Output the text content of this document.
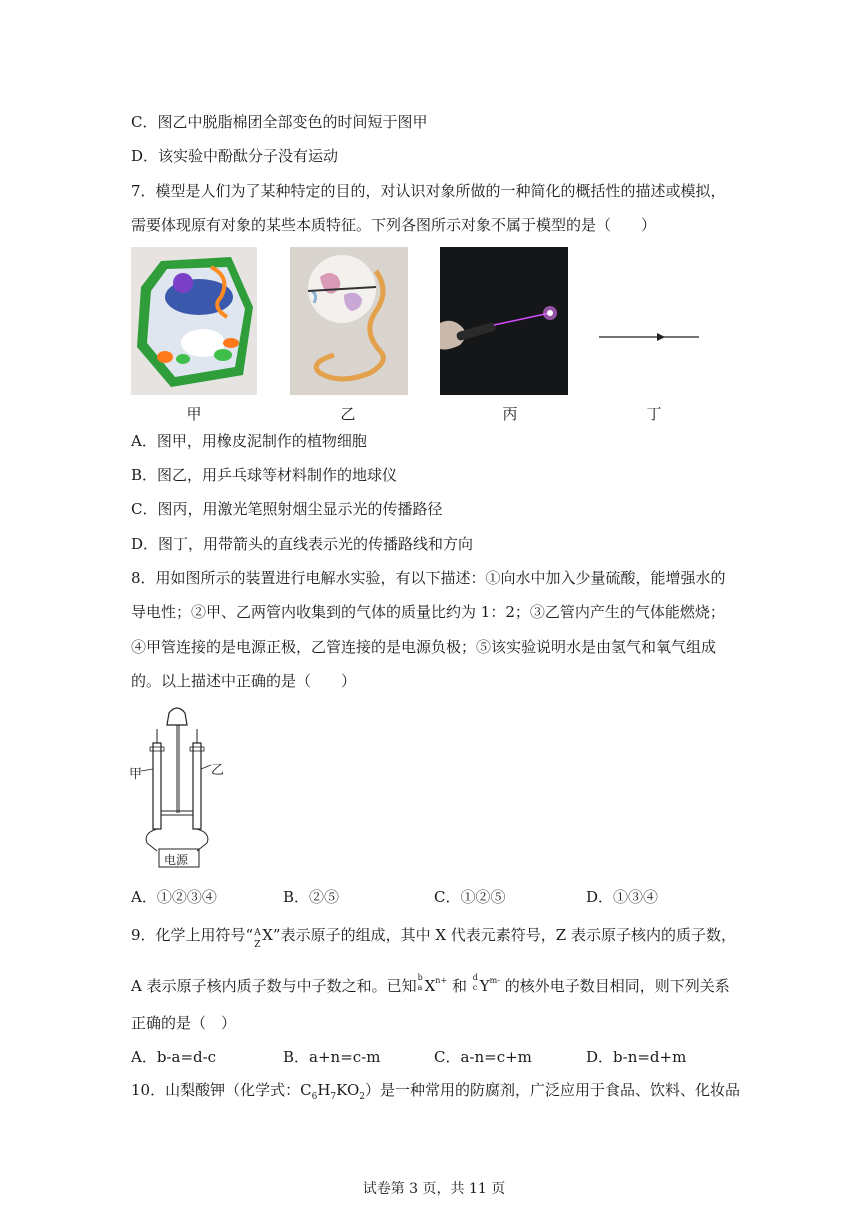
C．图乙中脱脂棉团全部变色的时间短于图甲
D．该实验中酚酞分子没有运动
7．模型是人们为了某种特定的目的，对认识对象所做的一种简化的概括性的描述或模拟，
需要体现原有对象的某些本质特征。下列各图所示对象不属于模型的是（　　）
甲	乙	丙	丁
A．图甲，用橡皮泥制作的植物细胞
B．图乙，用乒乓球等材料制作的地球仪
C．图丙，用激光笔照射烟尘显示光的传播路径
D．图丁，用带箭头的直线表示光的传播路线和方向
8．用如图所示的装置进行电解水实验，有以下描述：①向水中加入少量硫酸，能增强水的
导电性；②甲、乙两管内收集到的气体的质量比约为 1：2；③乙管内产生的气体能燃烧；
④甲管连接的是电源正极，乙管连接的是电源负极；⑤该实验说明水是由氢气和氧气组成
的。以上描述中正确的是（　　）
甲	乙
电源
A．①②③④	B．②⑤	C．①②⑤	D．①③④
9．化学上用符号“ A
Z
X”表示原子的组成，其中 X 代表元素符号，Z 表示原子核内的质子数，
A 表示原子核内质子数与中子数之和。已知 b
a $X^{n+}$ 和 d
c $Y^{m-}$ 的核外电子数目相同，则下列关系
正确的是（　）
A．b-a=d-c	B．a+n=c-m	C．a-n=c+m	D．b-n=d+m
10．山梨酸钾（化学式：$C_6H_7KO_2$）是一种常用的防腐剂，广泛应用于食品、饮料、化妆品
试卷第 3 页，共 11 页
